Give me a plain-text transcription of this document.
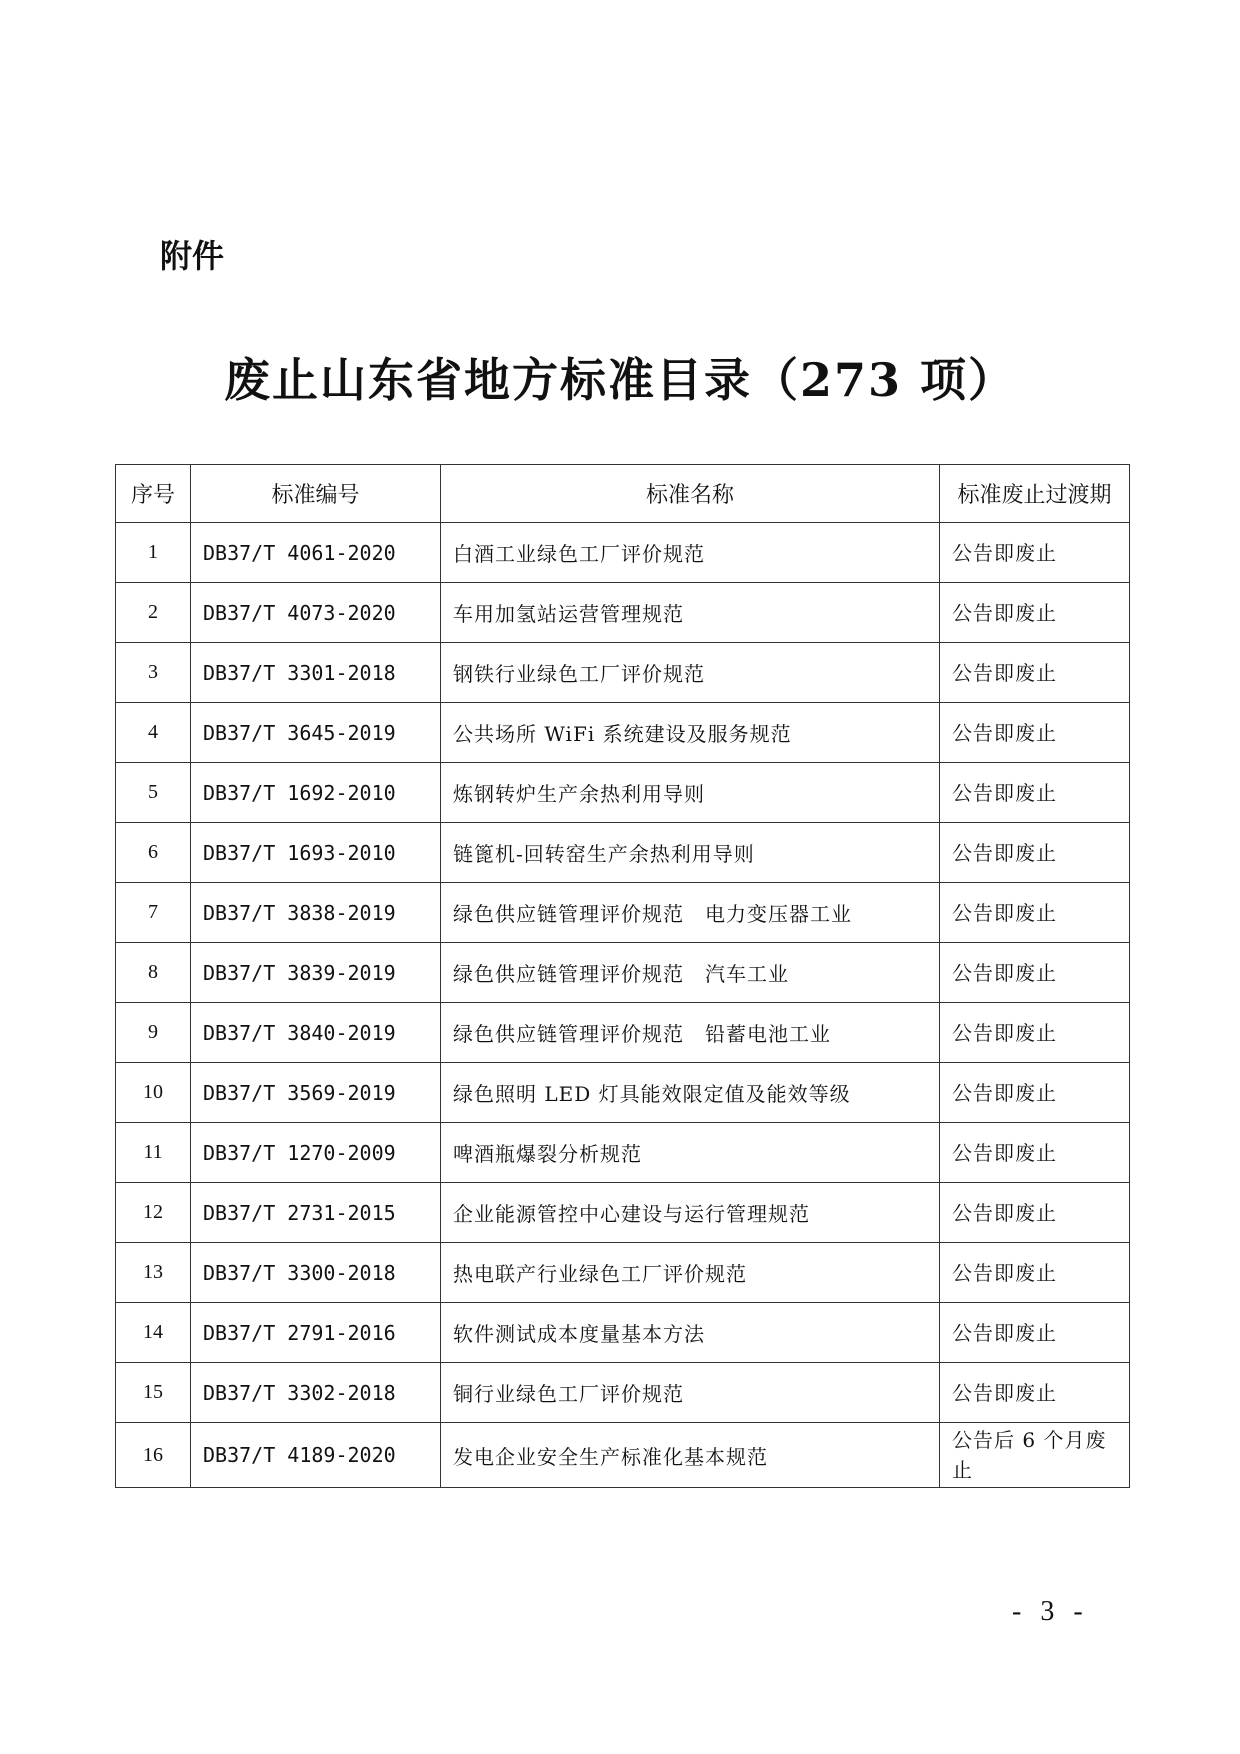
附件
废止山东省地方标准目录（273 项）
序号	标准编号	标准名称	标准废止过渡期
1	DB37/T 4061-2020	白酒工业绿色工厂评价规范	公告即废止
2	DB37/T 4073-2020	车用加氢站运营管理规范	公告即废止
3	DB37/T 3301-2018	钢铁行业绿色工厂评价规范	公告即废止
4	DB37/T 3645-2019	公共场所 WiFi 系统建设及服务规范	公告即废止
5	DB37/T 1692-2010	炼钢转炉生产余热利用导则	公告即废止
6	DB37/T 1693-2010	链篦机-回转窑生产余热利用导则	公告即废止
7	DB37/T 3838-2019	绿色供应链管理评价规范　电力变压器工业	公告即废止
8	DB37/T 3839-2019	绿色供应链管理评价规范　汽车工业	公告即废止
9	DB37/T 3840-2019	绿色供应链管理评价规范　铅蓄电池工业	公告即废止
10	DB37/T 3569-2019	绿色照明 LED 灯具能效限定值及能效等级	公告即废止
11	DB37/T 1270-2009	啤酒瓶爆裂分析规范	公告即废止
12	DB37/T 2731-2015	企业能源管控中心建设与运行管理规范	公告即废止
13	DB37/T 3300-2018	热电联产行业绿色工厂评价规范	公告即废止
14	DB37/T 2791-2016	软件测试成本度量基本方法	公告即废止
15	DB37/T 3302-2018	铜行业绿色工厂评价规范	公告即废止
16	DB37/T 4189-2020	发电企业安全生产标准化基本规范	公告后 6 个月废止
- 3 -
